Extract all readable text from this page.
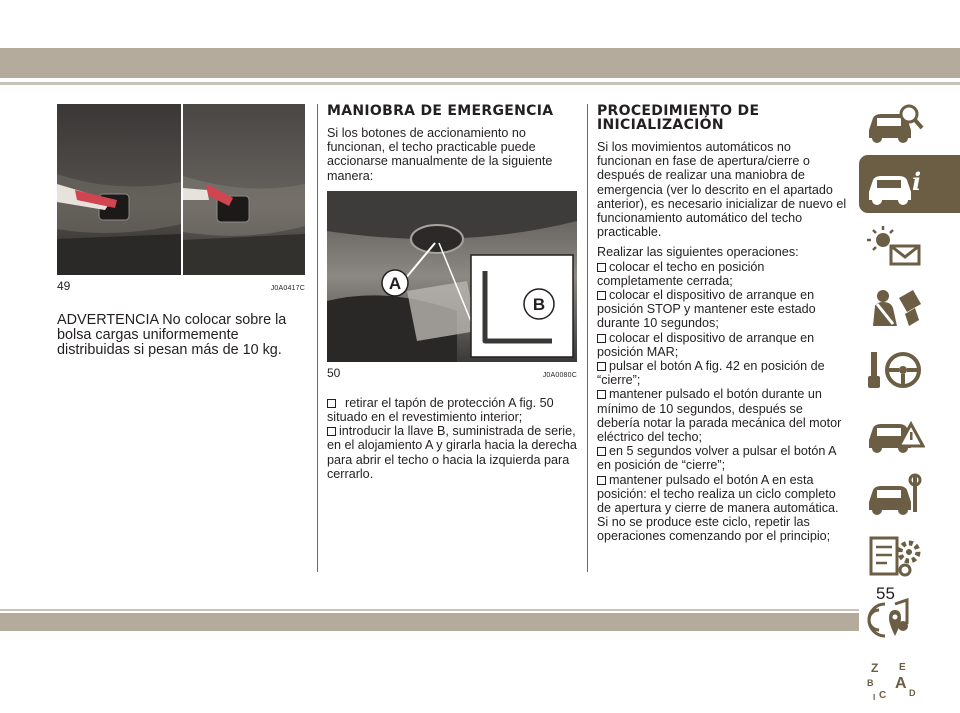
49	J0A0417C

ADVERTENCIA No colocar sobre la bolsa cargas uniformemente distribuidas si pesan más de 10 kg.

MANIOBRA DE EMERGENCIA

Si los botones de accionamiento no funcionan, el techo practicable puede accionarse manualmente de la siguiente manera:

A
B
50	J0A0080C

retirar el tapón de protección A fig. 50 situado en el revestimiento interior;

introducir la llave B, suministrada de serie, en el alojamiento A y girarla hacia la derecha para abrir el techo o hacia la izquierda para cerrarlo.

PROCEDIMIENTO DE INICIALIZACIÓN

Si los movimientos automáticos no funcionan en fase de apertura/cierre o después de realizar una maniobra de emergencia (ver lo descrito en el apartado anterior), es necesario inicializar de nuevo el funcionamiento automático del techo practicable.

Realizar las siguientes operaciones:

colocar el techo en posición completamente cerrada;

colocar el dispositivo de arranque en posición STOP y mantener este estado durante 10 segundos;

colocar el dispositivo de arranque en posición MAR;

pulsar el botón A fig. 42 en posición de “cierre”;

mantener pulsado el botón durante un mínimo de 10 segundos, después se debería notar la parada mecánica del motor eléctrico del techo;

en 5 segundos volver a pulsar el botón A en posición de “cierre”;

mantener pulsado el botón A en esta posición: el techo realiza un ciclo completo de apertura y cierre de manera automática. Si no se produce este ciclo, repetir las operaciones comenzando por el principio;

i
Z E
B A
C	D
I
55
